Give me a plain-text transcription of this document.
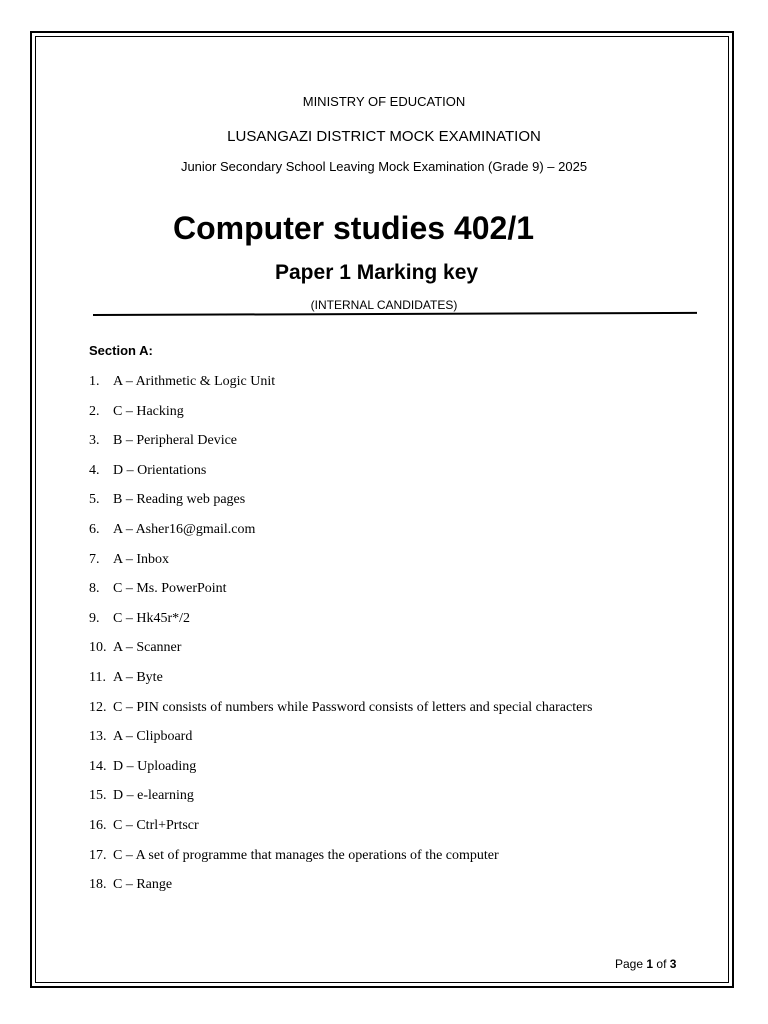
MINISTRY OF EDUCATION
LUSANGAZI DISTRICT MOCK EXAMINATION
Junior Secondary School Leaving Mock Examination (Grade 9) – 2025
Computer studies 402/1
Paper 1 Marking key
(INTERNAL CANDIDATES)
Section A:
1. A – Arithmetic & Logic Unit
2. C – Hacking
3. B – Peripheral Device
4. D – Orientations
5. B – Reading web pages
6. A – Asher16@gmail.com
7. A – Inbox
8. C – Ms. PowerPoint
9. C – Hk45r*/2
10. A – Scanner
11. A – Byte
12. C – PIN consists of numbers while Password consists of letters and special characters
13. A – Clipboard
14. D – Uploading
15. D – e-learning
16. C – Ctrl+Prtscr
17. C – A set of programme that manages the operations of the computer
18. C – Range
Page 1 of 3
